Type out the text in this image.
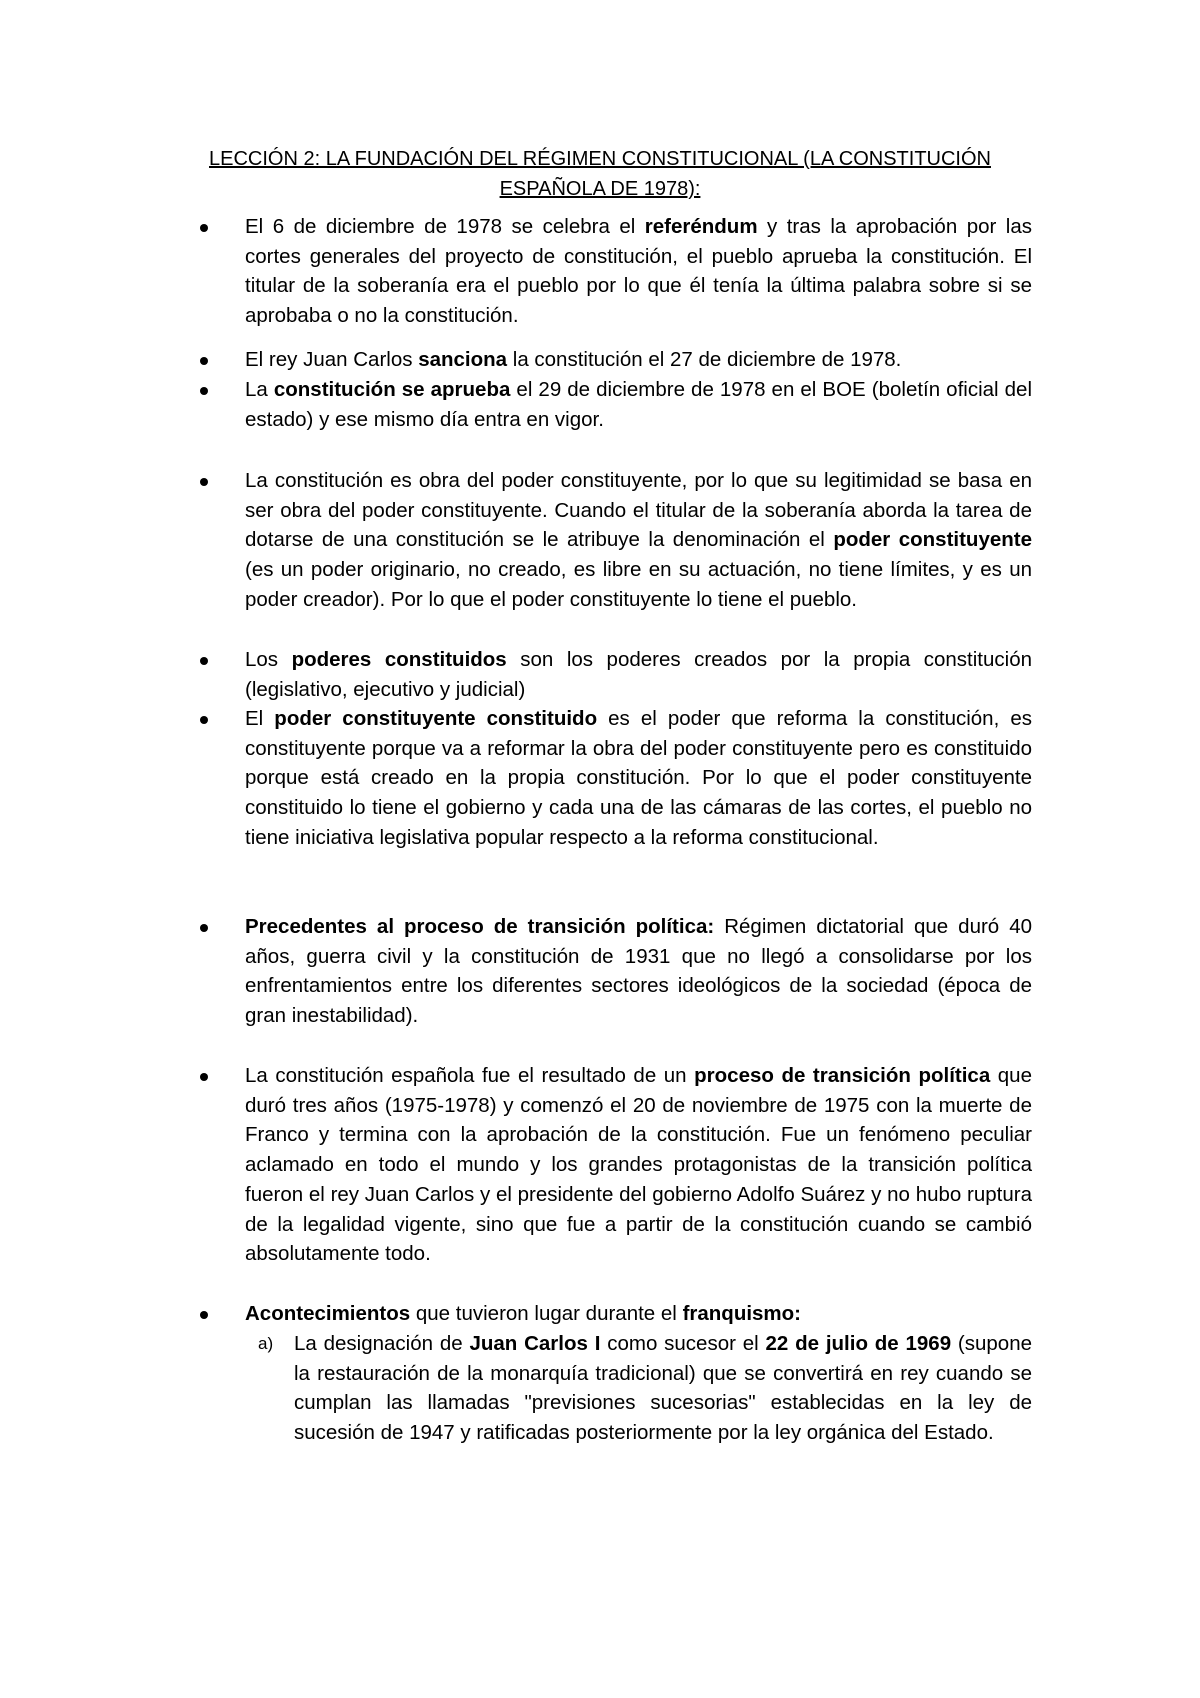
LECCIÓN 2: LA FUNDACIÓN DEL RÉGIMEN CONSTITUCIONAL (LA CONSTITUCIÓN
ESPAÑOLA DE 1978):
El 6 de diciembre de 1978 se celebra el referéndum y tras la aprobación por las cortes generales del proyecto de constitución, el pueblo aprueba la constitución. El titular de la soberanía era el pueblo por lo que él tenía la última palabra sobre si se aprobaba o no la constitución.
El rey Juan Carlos sanciona la constitución el 27 de diciembre de 1978.
La constitución se aprueba el 29 de diciembre de 1978 en el BOE (boletín oficial del estado) y ese mismo día entra en vigor.
La constitución es obra del poder constituyente, por lo que su legitimidad se basa en ser obra del poder constituyente. Cuando el titular de la soberanía aborda la tarea de dotarse de una constitución se le atribuye la denominación el poder constituyente (es un poder originario, no creado, es libre en su actuación, no tiene límites, y es un poder creador). Por lo que el poder constituyente lo tiene el pueblo.
Los poderes constituidos son los poderes creados por la propia constitución (legislativo, ejecutivo y judicial)
El poder constituyente constituido es el poder que reforma la constitución, es constituyente porque va a reformar la obra del poder constituyente pero es constituido porque está creado en la propia constitución. Por lo que el poder constituyente constituido lo tiene el gobierno y cada una de las cámaras de las cortes, el pueblo no tiene iniciativa legislativa popular respecto a la reforma constitucional.
Precedentes al proceso de transición política: Régimen dictatorial que duró 40 años, guerra civil y la constitución de 1931 que no llegó a consolidarse por los enfrentamientos entre los diferentes sectores ideológicos de la sociedad (época de gran inestabilidad).
La constitución española fue el resultado de un proceso de transición política que duró tres años (1975-1978) y comenzó el 20 de noviembre de 1975 con la muerte de Franco y termina con la aprobación de la constitución. Fue un fenómeno peculiar aclamado en todo el mundo y los grandes protagonistas de la transición política fueron el rey Juan Carlos y el presidente del gobierno Adolfo Suárez y no hubo ruptura de la legalidad vigente, sino que fue a partir de la constitución cuando se cambió absolutamente todo.
Acontecimientos que tuvieron lugar durante el franquismo:
a) La designación de Juan Carlos I como sucesor el 22 de julio de 1969 (supone la restauración de la monarquía tradicional) que se convertirá en rey cuando se cumplan las llamadas "previsiones sucesorias" establecidas en la ley de sucesión de 1947 y ratificadas posteriormente por la ley orgánica del Estado.
